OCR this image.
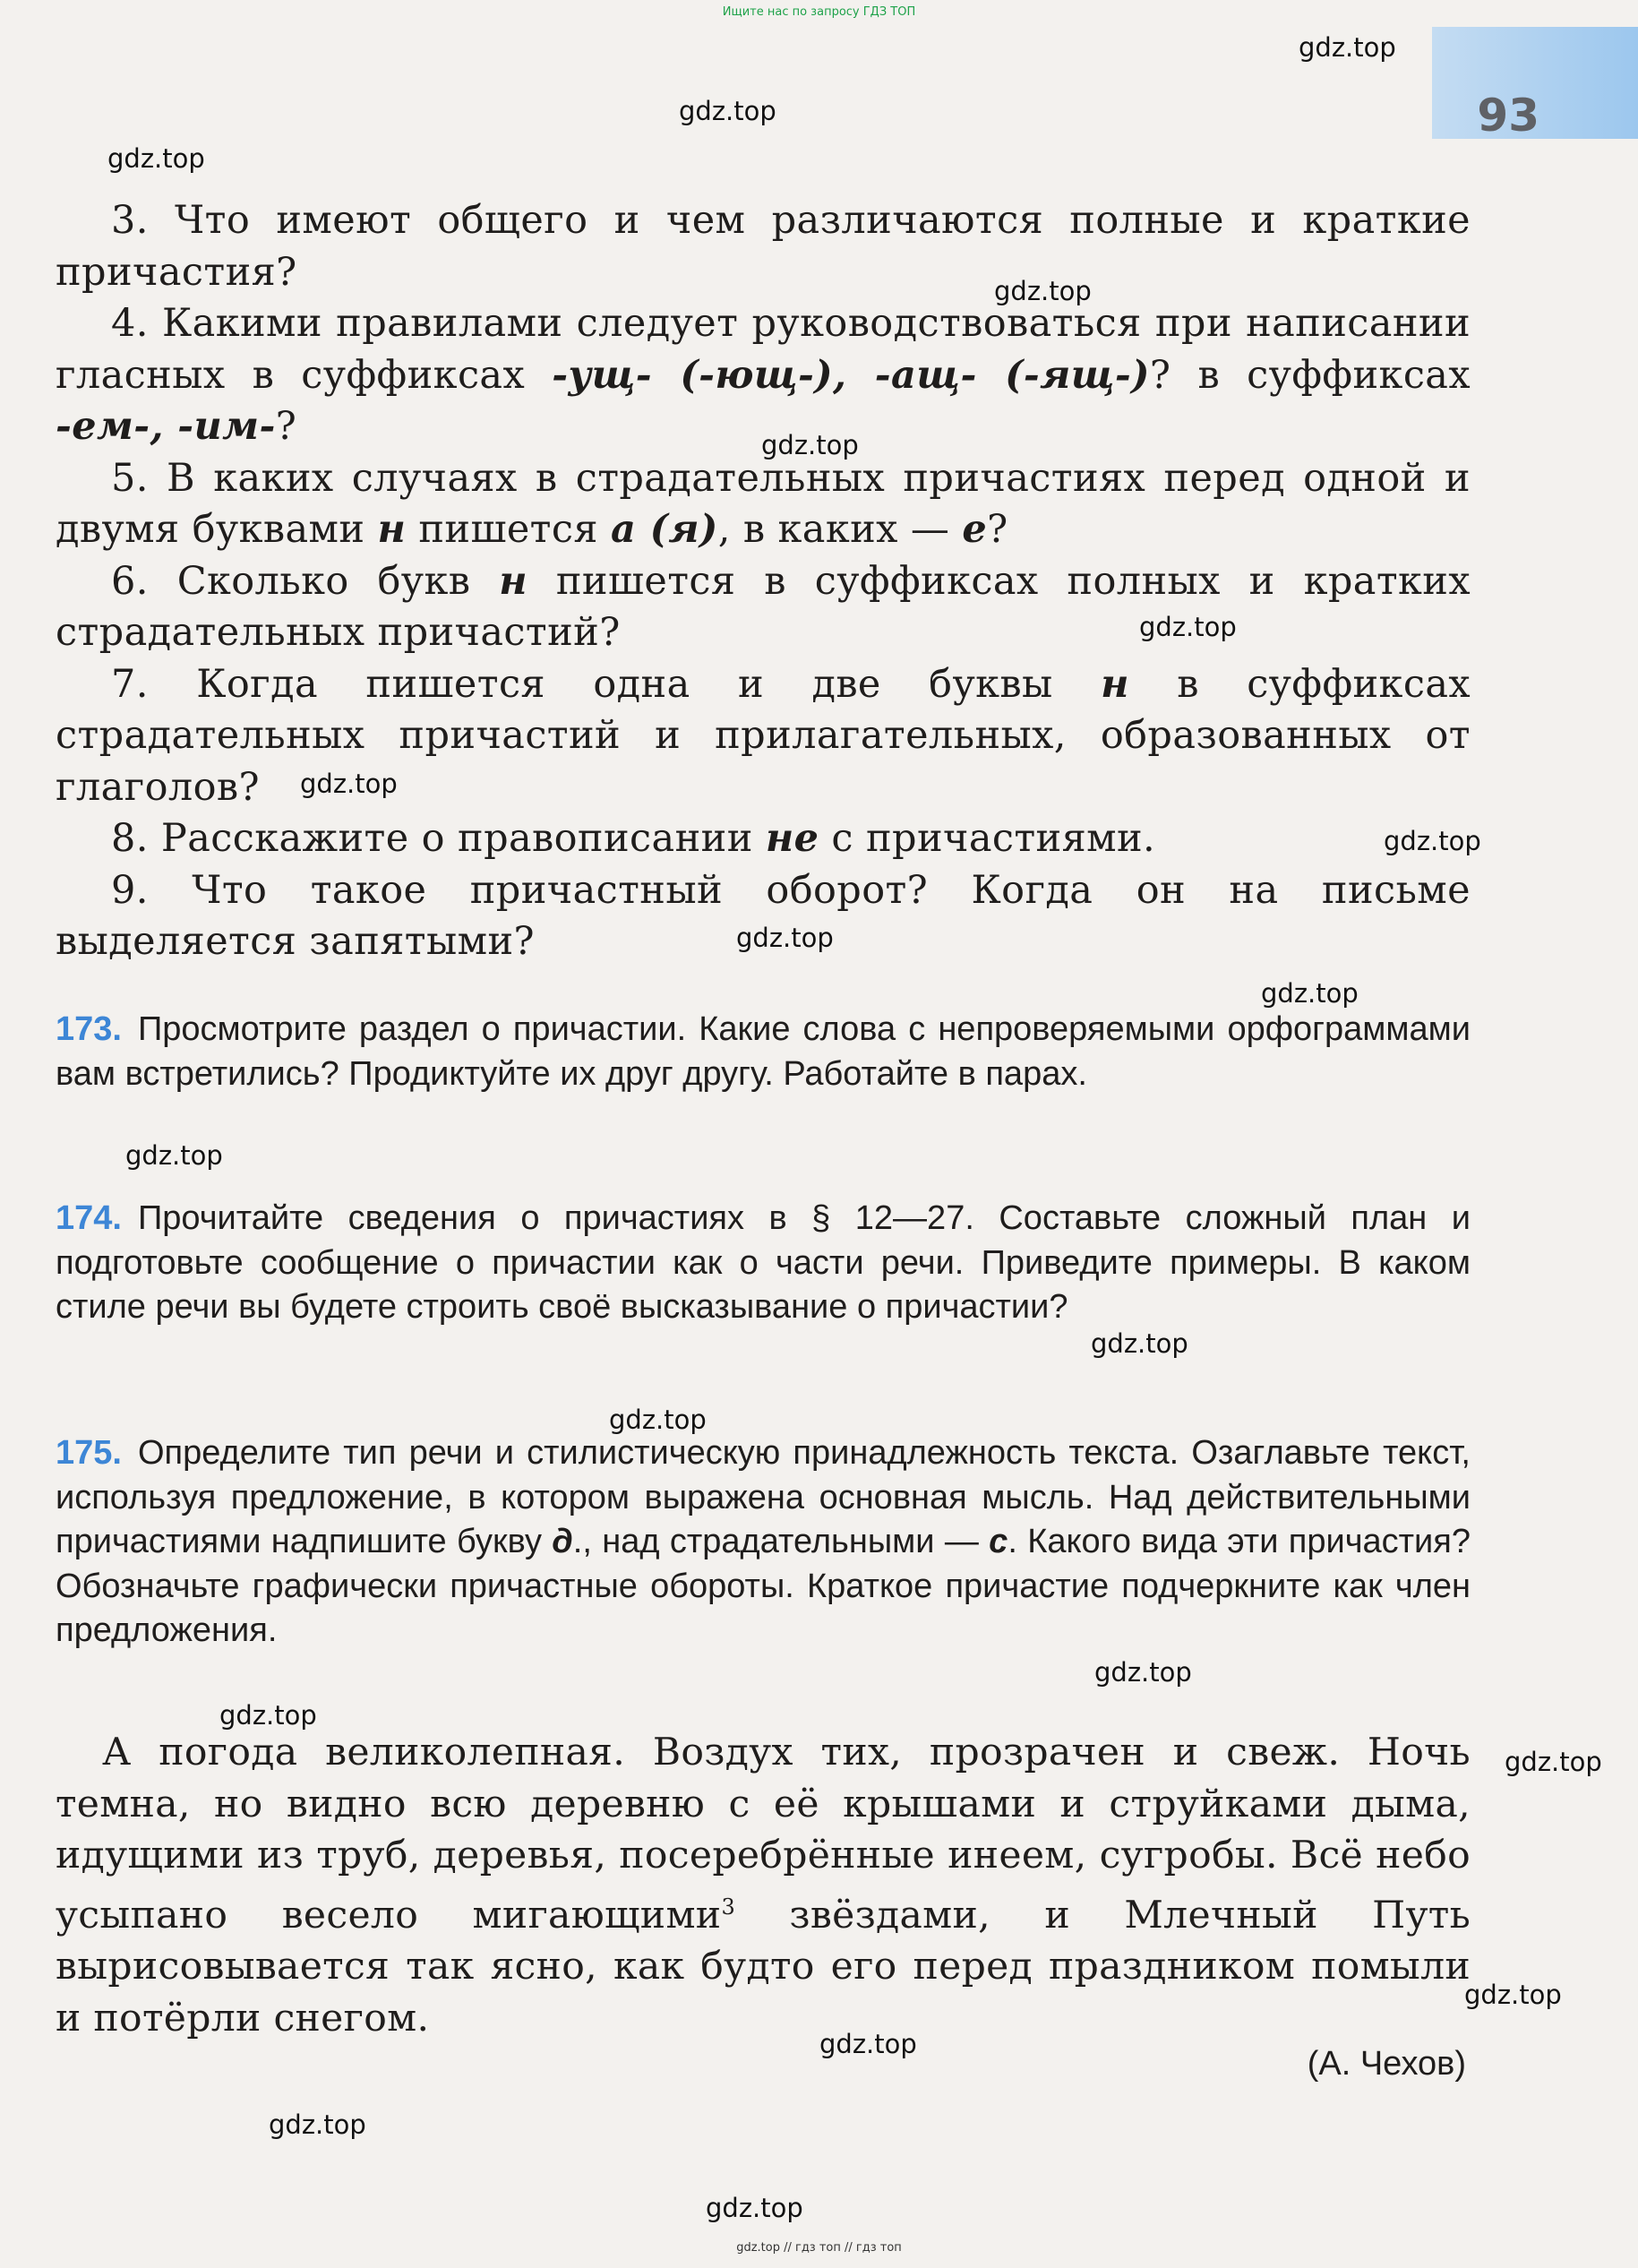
Ищите нас по запросу ГДЗ ТОП
93
gdz.top
gdz.top
gdz.top
gdz.top
gdz.top
gdz.top
gdz.top
gdz.top
gdz.top
gdz.top
gdz.top
gdz.top
gdz.top
gdz.top
gdz.top
gdz.top
gdz.top
gdz.top
gdz.top
gdz.top

3. Что имеют общего и чем различаются полные и краткие причастия?

4. Какими правилами следует руководствоваться при написании гласных в суффиксах -ущ- (-ющ-), -ащ- (-ящ-)? в суффиксах -ем-, -им-?

5. В каких случаях в страдательных причастиях перед одной и двумя буквами н пишется а (я), в каких — е?

6. Сколько букв н пишется в суффиксах полных и кратких страдательных причастий?

7. Когда пишется одна и две буквы н в суффиксах страдательных причастий и прилагательных, образованных от глаголов?

8. Расскажите о правописании не с причастиями.

9. Что такое причастный оборот? Когда он на письме выделяется запятыми?

173. Просмотрите раздел о причастии. Какие слова с непроверяемыми орфограммами вам встретились? Продиктуйте их друг другу. Работайте в парах.

174. Прочитайте сведения о причастиях в § 12—27. Составьте сложный план и подготовьте сообщение о причастии как о части речи. Приведите примеры. В каком стиле речи вы будете строить своё высказывание о причастии?

175. Определите тип речи и стилистическую принадлежность текста. Озаглавьте текст, используя предложение, в котором выражена основная мысль. Над действительными причастиями надпишите букву д., над страдательными — с. Какого вида эти причастия? Обозначьте графически причастные обороты. Краткое причастие подчеркните как член предложения.

А погода великолепная. Воздух тих, прозрачен и свеж. Ночь темна, но видно всю деревню с её крышами и струйками дыма, идущими из труб, деревья, посеребрённые инеем, сугробы. Всё небо усыпано весело мигающими$^3$ звёздами, и Млечный Путь вырисовывается так ясно, как будто его перед праздником помыли и потёрли снегом.

(А. Чехов)
gdz.top // гдз топ // гдз топ
